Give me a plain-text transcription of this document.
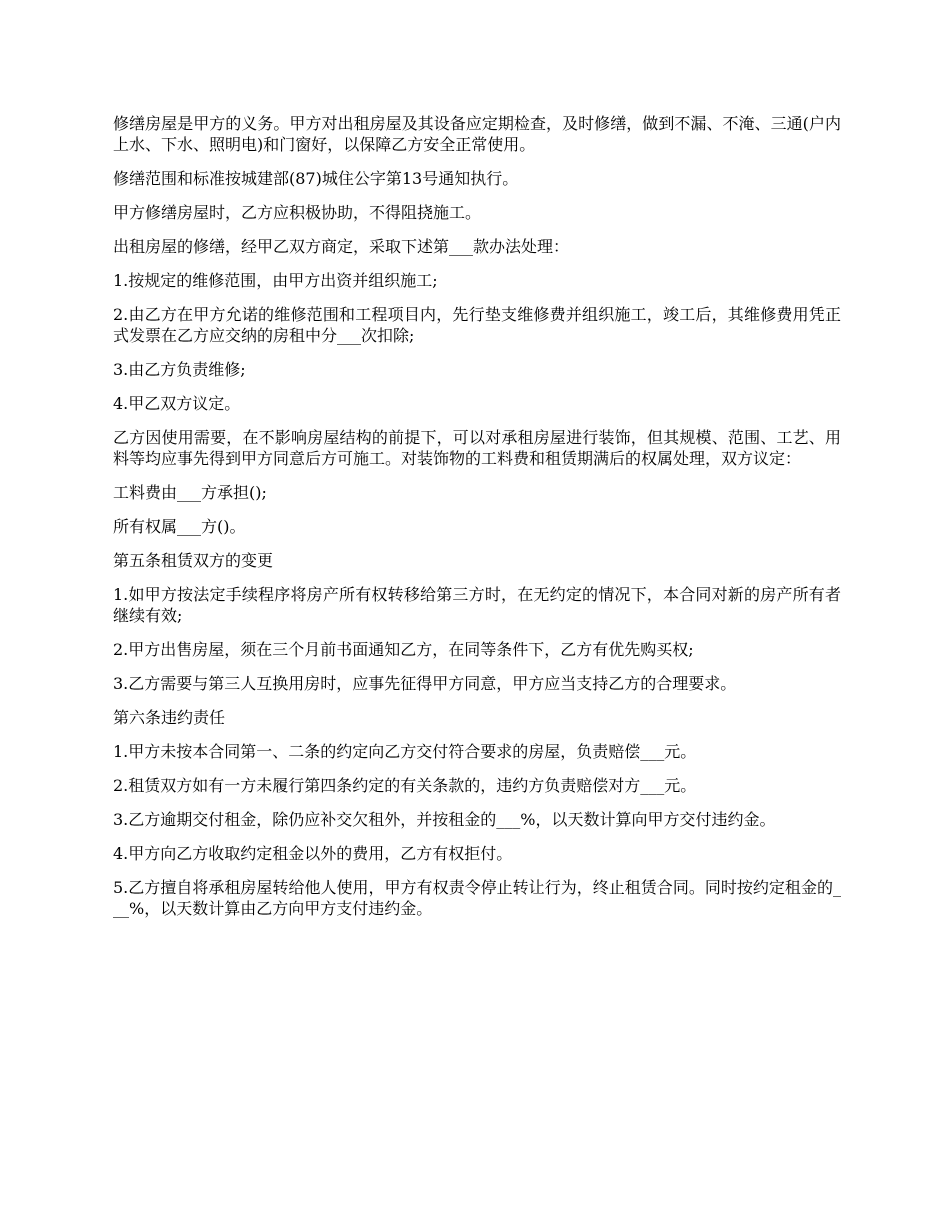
修缮房屋是甲方的义务。甲方对出租房屋及其设备应定期检查，及时修缮，做到不漏、不淹、三通(户内上水、下水、照明电)和门窗好，以保障乙方安全正常使用。

修缮范围和标准按城建部(87)城住公字第13号通知执行。

甲方修缮房屋时，乙方应积极协助，不得阻挠施工。

出租房屋的修缮，经甲乙双方商定，采取下述第___款办法处理：

1.按规定的维修范围，由甲方出资并组织施工;

2.由乙方在甲方允诺的维修范围和工程项目内，先行垫支维修费并组织施工，竣工后，其维修费用凭正式发票在乙方应交纳的房租中分___次扣除;

3.由乙方负责维修;

4.甲乙双方议定。

乙方因使用需要，在不影响房屋结构的前提下，可以对承租房屋进行装饰，但其规模、范围、工艺、用料等均应事先得到甲方同意后方可施工。对装饰物的工料费和租赁期满后的权属处理，双方议定：

工料费由___方承担();

所有权属___方()。

第五条租赁双方的变更

1.如甲方按法定手续程序将房产所有权转移给第三方时，在无约定的情况下，本合同对新的房产所有者继续有效;

2.甲方出售房屋，须在三个月前书面通知乙方，在同等条件下，乙方有优先购买权;

3.乙方需要与第三人互换用房时，应事先征得甲方同意，甲方应当支持乙方的合理要求。

第六条违约责任

1.甲方未按本合同第一、二条的约定向乙方交付符合要求的房屋，负责赔偿___元。

2.租赁双方如有一方未履行第四条约定的有关条款的，违约方负责赔偿对方___元。

3.乙方逾期交付租金，除仍应补交欠租外，并按租金的___%，以天数计算向甲方交付违约金。

4.甲方向乙方收取约定租金以外的费用，乙方有权拒付。

5.乙方擅自将承租房屋转给他人使用，甲方有权责令停止转让行为，终止租赁合同。同时按约定租金的___%，以天数计算由乙方向甲方支付违约金。
